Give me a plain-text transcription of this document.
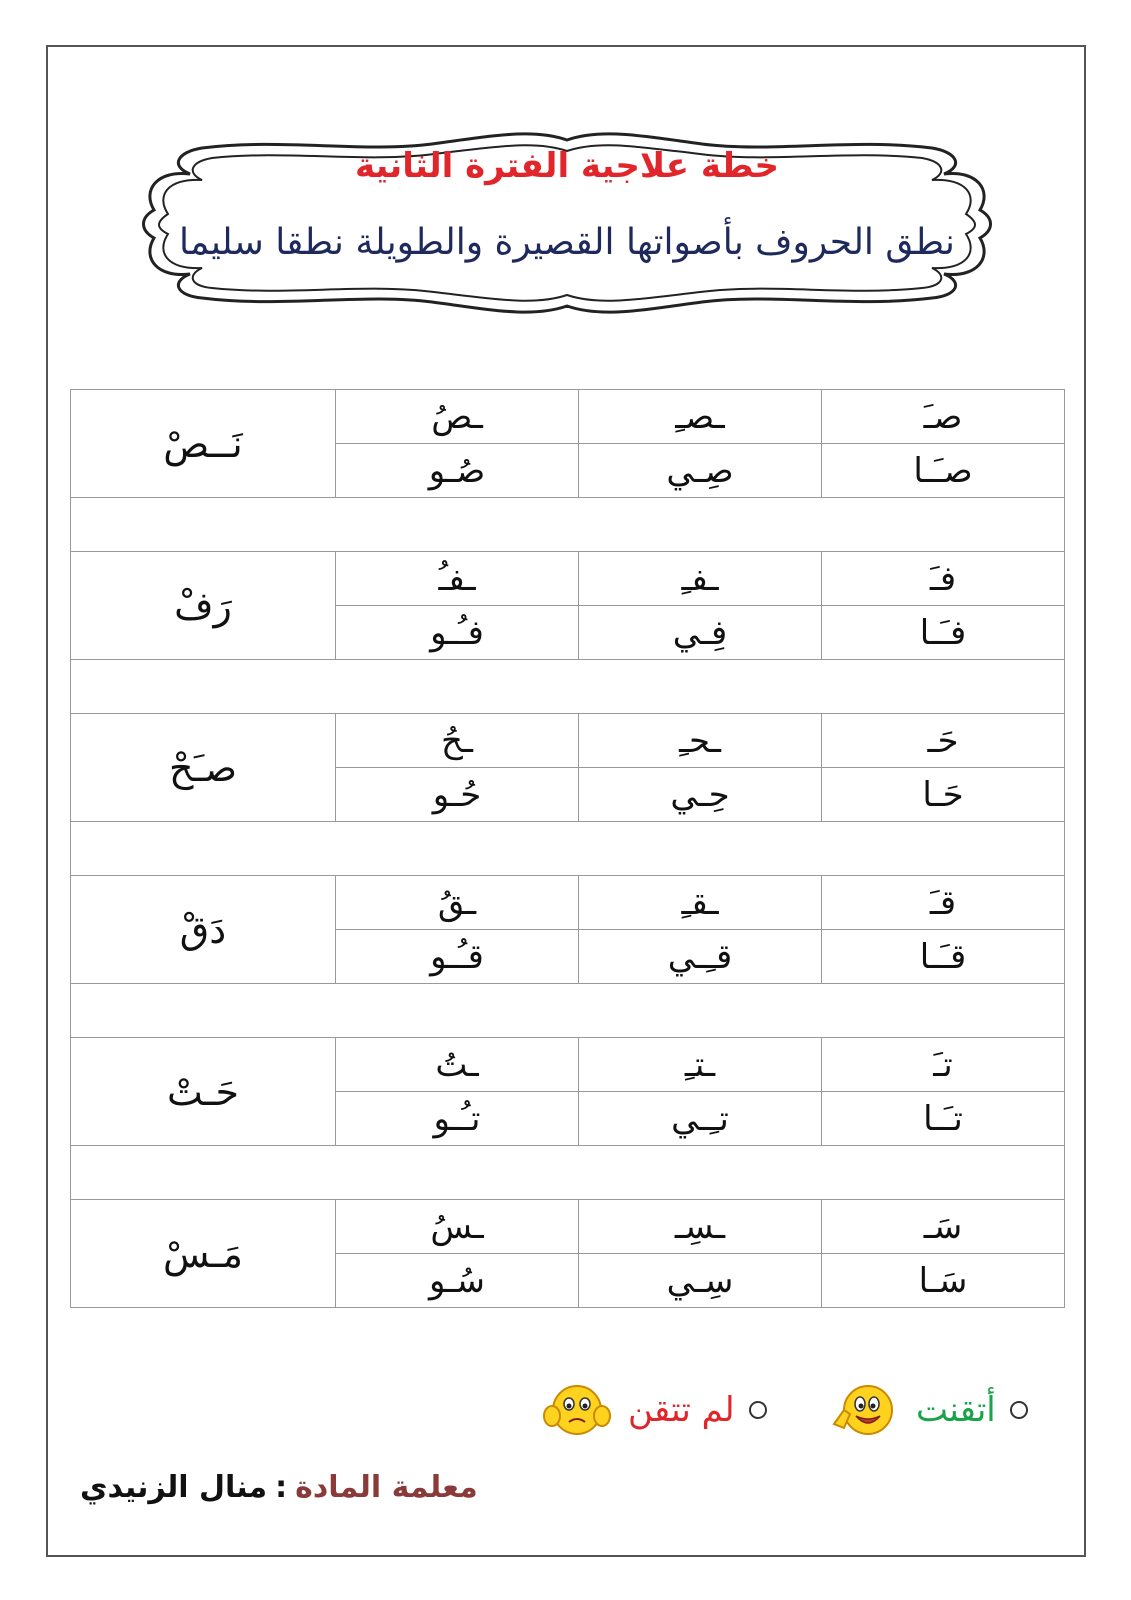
خطة علاجية الفترة الثانية
نطق الحروف بأصواتها القصيرة والطويلة نطقا سليما
صـَ	ـصـِ	ـصُ	نَــصْ
صـَـا	صِـي	صُـو	

فـَ	ـفـِ	ـفـُ	رَفْ
فـَـا	فِـي	فـُـو	

حَـ	ـحـِ	ـحُ	صـَحْ
حَـا	حِـي	حُـو	

قـَ	ـقـِ	ـقُ	دَقْ
قـَـا	قـِـي	قـُـو	

تـَ	ـتـِ	ـتُ	حَـتْ
تـَـا	تـِـي	تـُـو	

سَـ	ـسِـ	ـسُ	مَـسْ
سَـا	سِـي	سُـو	
أتقنت
لم تتقن
معلمة المادة:منال الزنيدي
